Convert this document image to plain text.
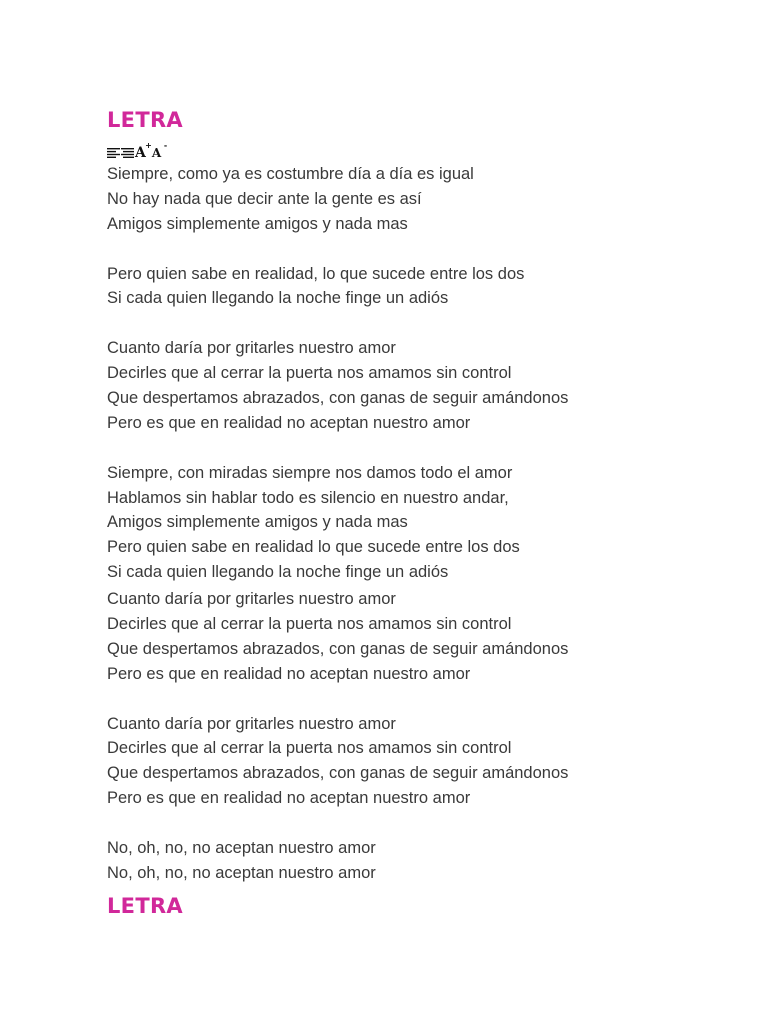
LETRA
A +
A
-
Siempre, como ya es costumbre día a día es igual
No hay nada que decir ante la gente es así
Amigos simplemente amigos y nada mas
Pero quien sabe en realidad, lo que sucede entre los dos
Si cada quien llegando la noche finge un adiós
Cuanto daría por gritarles nuestro amor
Decirles que al cerrar la puerta nos amamos sin control
Que despertamos abrazados, con ganas de seguir amándonos
Pero es que en realidad no aceptan nuestro amor
Siempre, con miradas siempre nos damos todo el amor
Hablamos sin hablar todo es silencio en nuestro andar,
Amigos simplemente amigos y nada mas
Pero quien sabe en realidad lo que sucede entre los dos
Si cada quien llegando la noche finge un adiós
Cuanto daría por gritarles nuestro amor
Decirles que al cerrar la puerta nos amamos sin control
Que despertamos abrazados, con ganas de seguir amándonos
Pero es que en realidad no aceptan nuestro amor
Cuanto daría por gritarles nuestro amor
Decirles que al cerrar la puerta nos amamos sin control
Que despertamos abrazados, con ganas de seguir amándonos
Pero es que en realidad no aceptan nuestro amor
No, oh, no, no aceptan nuestro amor
No, oh, no, no aceptan nuestro amor
LETRA
